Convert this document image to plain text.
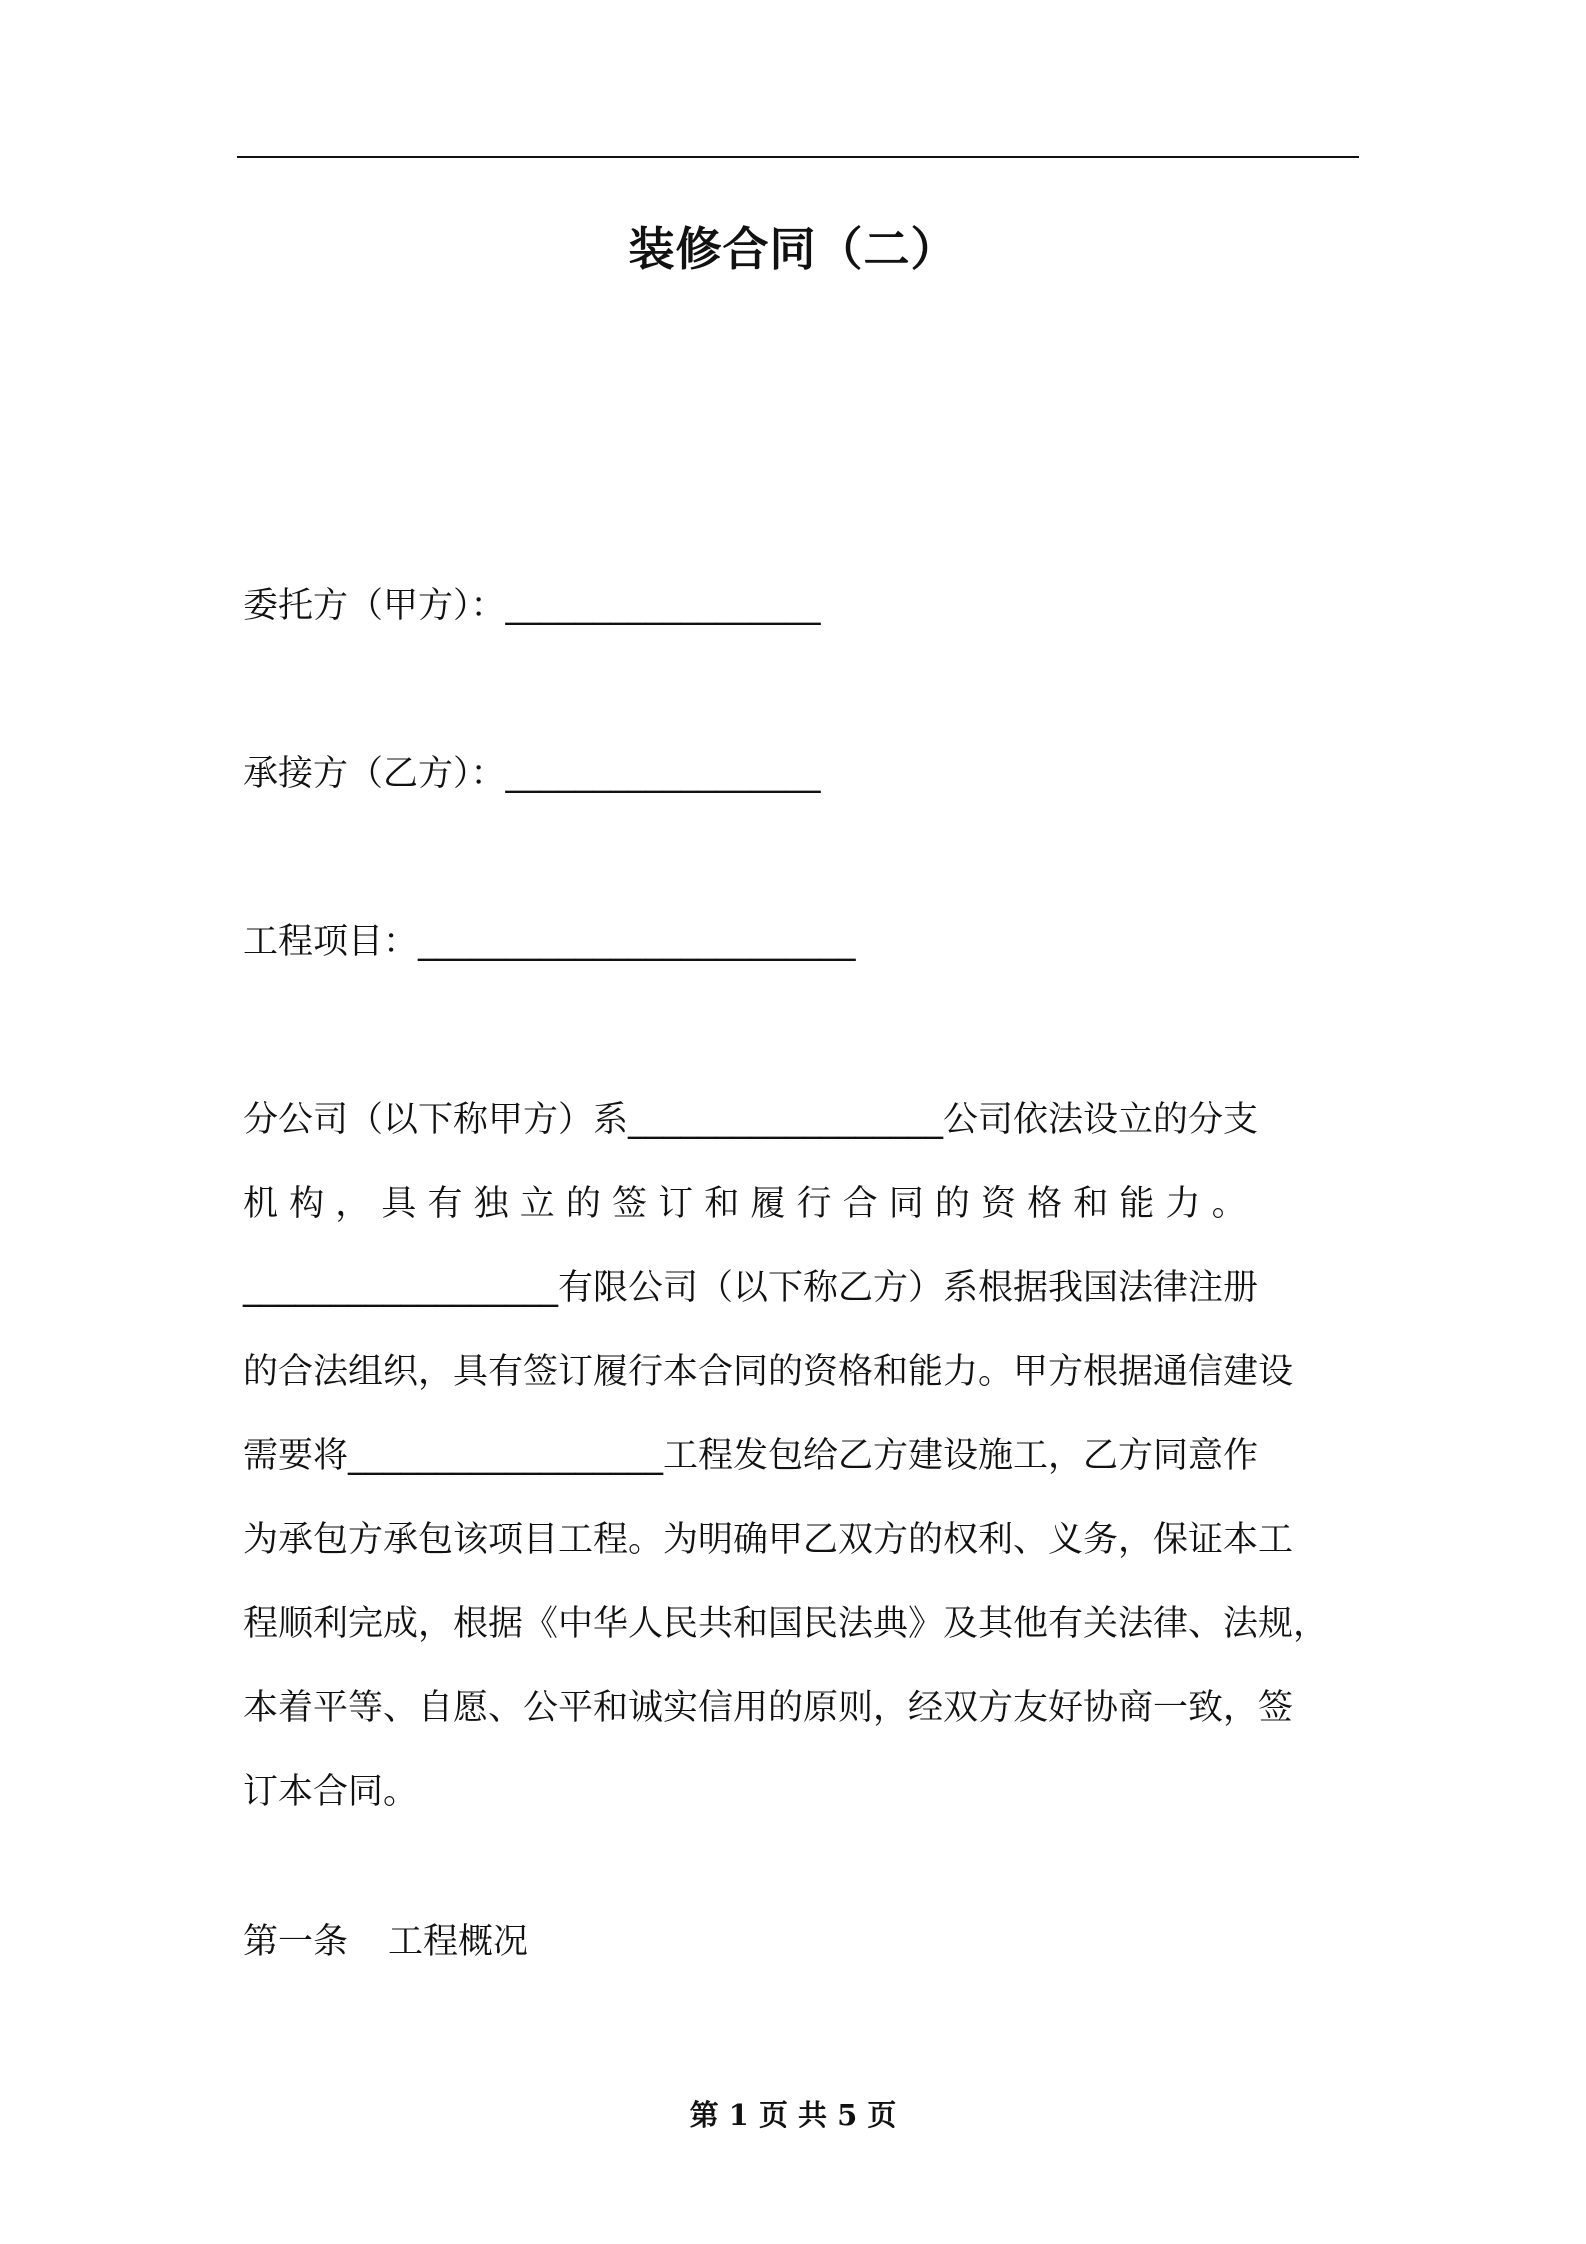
装修合同（二）
委托方（甲方）：__________________
承接方（乙方）：__________________
工程项目：_________________________
分公司（以下称甲方）系__________________公司依法设立的分支
机 构 ， 具 有 独 立 的 签 订 和 履 行 合 同 的 资 格 和 能 力 。
__________________有限公司（以下称乙方）系根据我国法律注册
的合法组织，具有签订履行本合同的资格和能力。甲方根据通信建设
需要将__________________工程发包给乙方建设施工，乙方同意作
为承包方承包该项目工程。为明确甲乙双方的权利、义务，保证本工
程顺利完成，根据《中华人民共和国民法典》及其他有关法律、法规，
本着平等、自愿、公平和诚实信用的原则，经双方友好协商一致，签
订本合同。
第一条 工程概况
第 1 页 共 5 页
